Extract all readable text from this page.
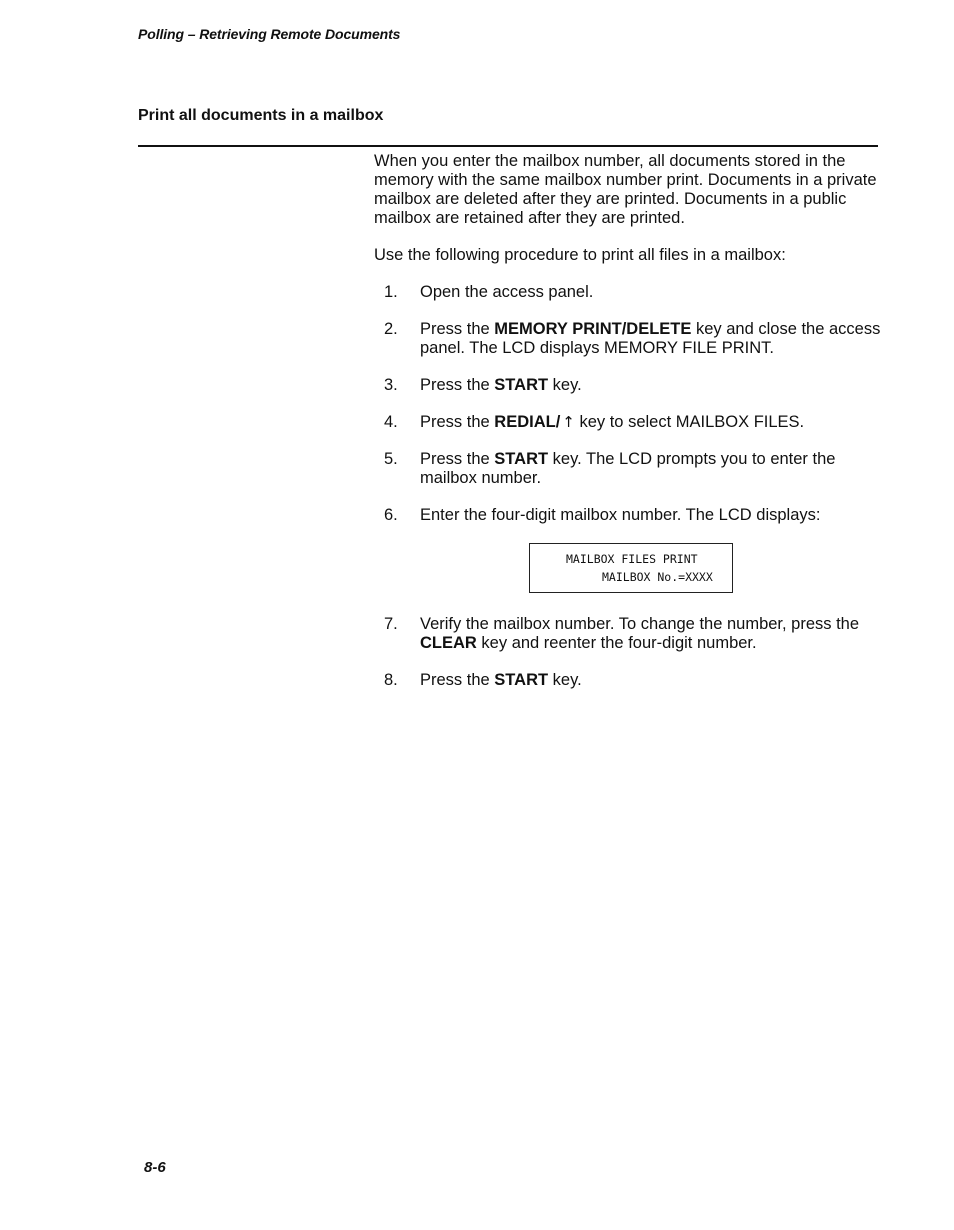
Polling – Retrieving Remote Documents
Print all documents in a mailbox

When you enter the mailbox number, all documents stored in the memory with the same mailbox number print. Documents in a private mailbox are deleted after they are printed. Documents in a public mailbox are retained after they are printed.

Use the following procedure to print all files in a mailbox:

1. Open the access panel.
2. Press the MEMORY PRINT/DELETE key and close the access panel. The LCD displays MEMORY FILE PRINT.
3. Press the START key.
4. Press the REDIAL/ ↑ key to select MAILBOX FILES.
5. Press the START key. The LCD prompts you to enter the mailbox number.
6. Enter the four-digit mailbox number. The LCD displays:
MAILBOX FILES PRINT
MAILBOX No.=XXXX
7. Verify the mailbox number. To change the number, press the CLEAR key and reenter the four-digit number.
8. Press the START key.
8-6
